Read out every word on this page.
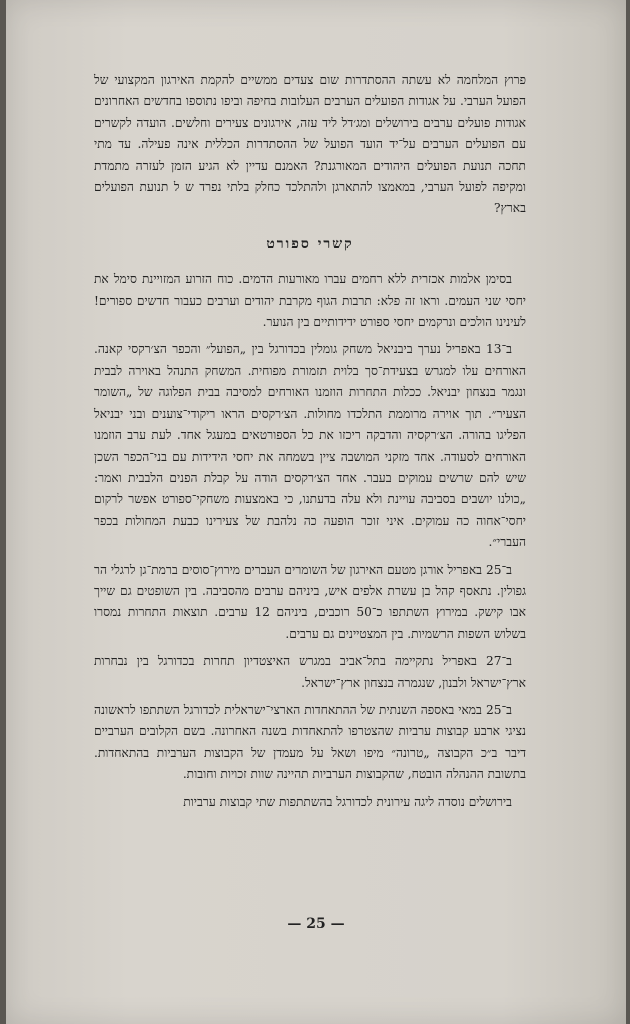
פרוץ המלחמה לא עשתה ההסתדרות שום צעדים ממשיים להקמת האירגון המקצועי של הפועל הערבי. על אגודות הפועלים הערבים העלובות בחיפה וביפו נתוספו בחדשים האחרונים אגודות פועלים ערבים בירושלים ומג׳דל ליד עזה, אירגונים צעירים וחלשים. הועדה לקשרים עם הפועלים הערבים על־יד הועד הפועל של ההסתדרות הכללית אינה פעילה. עד מתי תחכה תנועת הפועלים היהודים המאורגנת? האמנם עדיין לא הגיע הזמן לעזרה מתמדת ומקיפה לפועל הערבי, במאמצו להתארגן ולהתלכד כחלק בלתי נפרד ש ל תנועת הפועלים בארץ?

קשרי ספורט

בסימן אלמות אכזרית ללא רחמים עברו מאורעות הדמים. כוח הזרוע המזויינת סימל את יחסי שני העמים. וראו זה פלא: תרבות הגוף מקרבת יהודים וערבים כעבור חדשים ספורים! לעינינו הולכים ונרקמים יחסי ספורט ידידותיים בין הנוער.

ב־13 באפריל נערך ביבניאל משחק גומלין בכדורגל בין „הפועל״ והכפר הצ׳רקסי קאנה. האורחים עלו למגרש בצעידת־סך בלוית תזמורת מפוחית. המשחק התנהל באוירה לבבית ונגמר בנצחון יבניאל. ככלות התחרות הוזמנו האורחים למסיבה בבית הפלוגה של „השומר הצעיר״. תוך אוירה מרוממת התלכדו מחולות. הצ׳רקסים הראו ריקודי־צוענים ובני יבניאל הפליגו בהורה. הצ׳רקסיה והדבקה ריכזו את כל הספורטאים במעגל אחד. לעת ערב הוזמנו האורחים לסעודה. אחד מזקני המושבה ציין בשמחה את יחסי הידידות עם בני־הכפר השכן שיש להם שרשים עמוקים בעבר. אחד הצ׳רקסים הודה על קבלת הפנים הלבבית ואמר: „כולנו יושבים בסביבה עויינת ולא עלה בדעתנו, כי באמצעות משחקי־ספורט אפשר לרקום יחסי־אחוה כה עמוקים. איני זוכר הופעה כה נלהבת של צעירינו כבעת המחולות בכפר העברי״.

ב־25 באפריל אורגן מטעם האירגון של השומרים העברים מירוץ־סוסים ברמת־גן לרגלי הר גפולין. נתאסף קהל בן עשרת אלפים איש, ביניהם ערבים מהסביבה. בין השופטים גם שייך אבו קישק. במירוץ השתתפו כ־50 רוכבים, ביניהם 12 ערבים. תוצאות התחרות נמסרו בשלוש השפות הרשמיות. בין המצטיינים גם ערבים.

ב־27 באפריל נתקיימה בתל־אביב במגרש האיצטדיון תחרות בכדורגל בין נבחרות ארץ־ישראל ולבנון, שנגמרה בנצחון ארץ־ישראל.

ב־25 במאי באספה השנתית של ההתאחדות הארצי־ישראלית לכדורגל השתתפו לראשונה נציגי ארבע קבוצות ערביות שהצטרפו להתאחדות בשנה האחרונה. בשם הקלובים הערביים דיבר ב״כ הקבוצה „טרונה״ מיפו ושאל על מעמדן של הקבוצות הערביות בהתאחדות. בתשובת ההנהלה הובטח, שהקבוצות הערביות תהיינה שוות זכויות וחובות.

בירושלים נוסדה ליגה עירונית לכדורגל בהשתתפות שתי קבוצות ערביות

— 25 —
